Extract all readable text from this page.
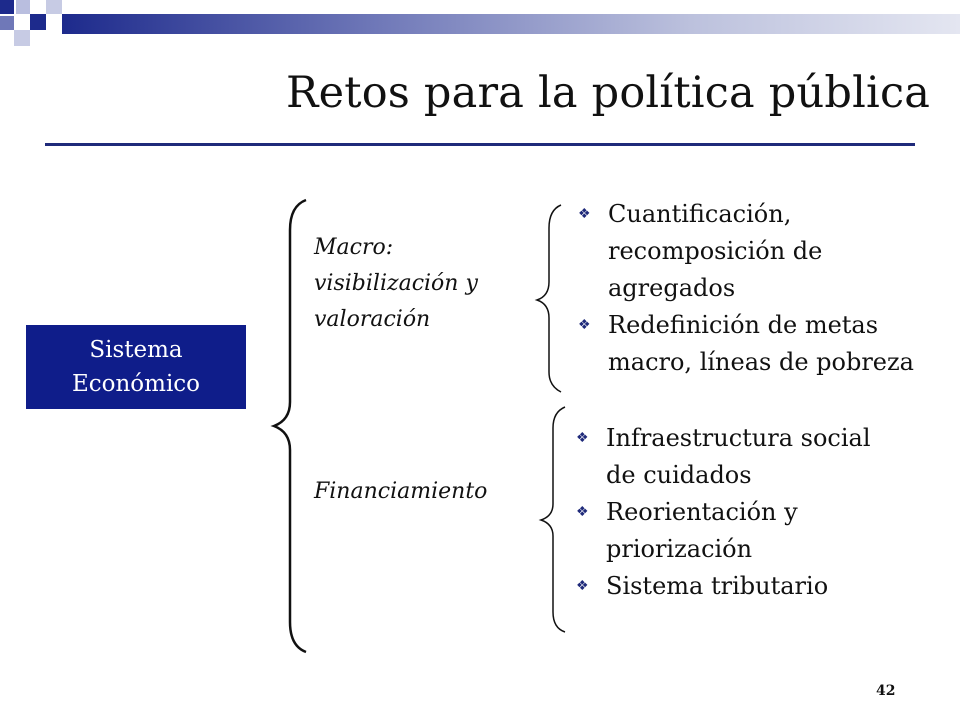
Retos para la política pública
Sistema
Económico
Macro:
visibilización y
valoración
Financiamiento
❖ Cuantificación,
recomposición de
agregados
❖ Redefinición de metas
macro, líneas de pobreza
❖ Infraestructura social
de cuidados
❖ Reorientación y
priorización
❖ Sistema tributario
42
